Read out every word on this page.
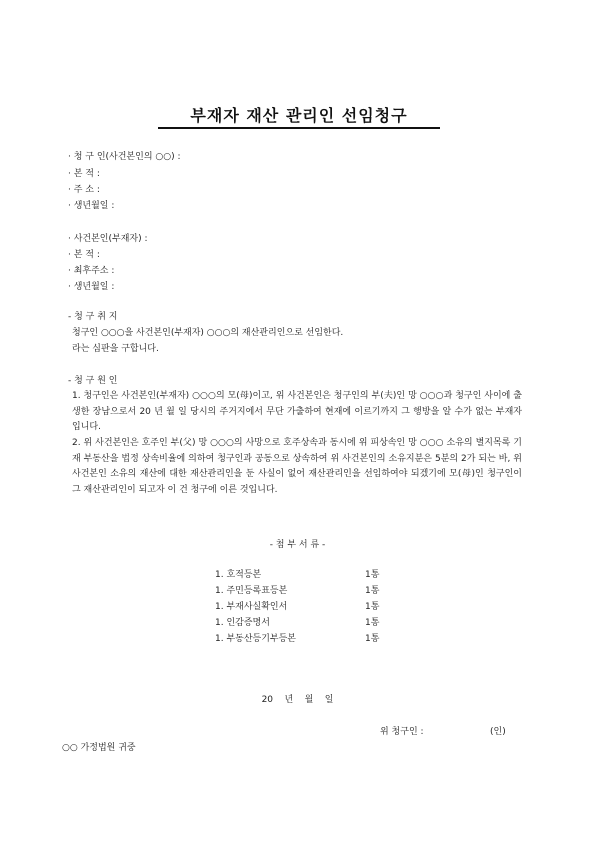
부재자 재산 관리인 선임청구
· 청 구 인(사건본인의 ○○) :
· 본 적 :
· 주 소 :
· 생년월일 :
· 사건본인(부재자) :
· 본 적 :
· 최후주소 :
· 생년월일 :
- 청 구 취 지
청구인 ○○○을 사건본인(부재자) ○○○의 재산관리인으로 선임한다.
라는 심판을 구합니다.
- 청 구 원 인
1. 청구인은 사건본인(부재자) ○○○의 모(母)이고, 위 사건본인은 청구인의 부(夫)인 망 ○○○과 청구인 사이에 출생한 장남으로서 20 년 월 일 당시의 주거지에서 무단 가출하여 현재에 이르기까지 그 행방을 알 수가 없는 부재자입니다.
2. 위 사건본인은 호주인 부(父) 망 ○○○의 사망으로 호주상속과 동시에 위 피상속인 망 ○○○ 소유의 별지목록 기재 부동산을 법정 상속비율에 의하여 청구인과 공동으로 상속하여 위 사건본인의 소유지분은 5분의 2가 되는 바, 위 사건본인 소유의 재산에 대한 재산관리인을 둔 사실이 없어 재산관리인을 선임하여야 되겠기에 모(母)인 청구인이 그 재산관리인이 되고자 이 건 청구에 이른 것입니다.
- 첨 부 서 류 -
1. 호적등본	1통
1. 주민등록표등본	1통
1. 부재사실확인서	1통
1. 인감증명서	1통
1. 부동산등기부등본	1통
20    년    월    일
위 청구인 :	(인)
○○ 가정법원 귀중
